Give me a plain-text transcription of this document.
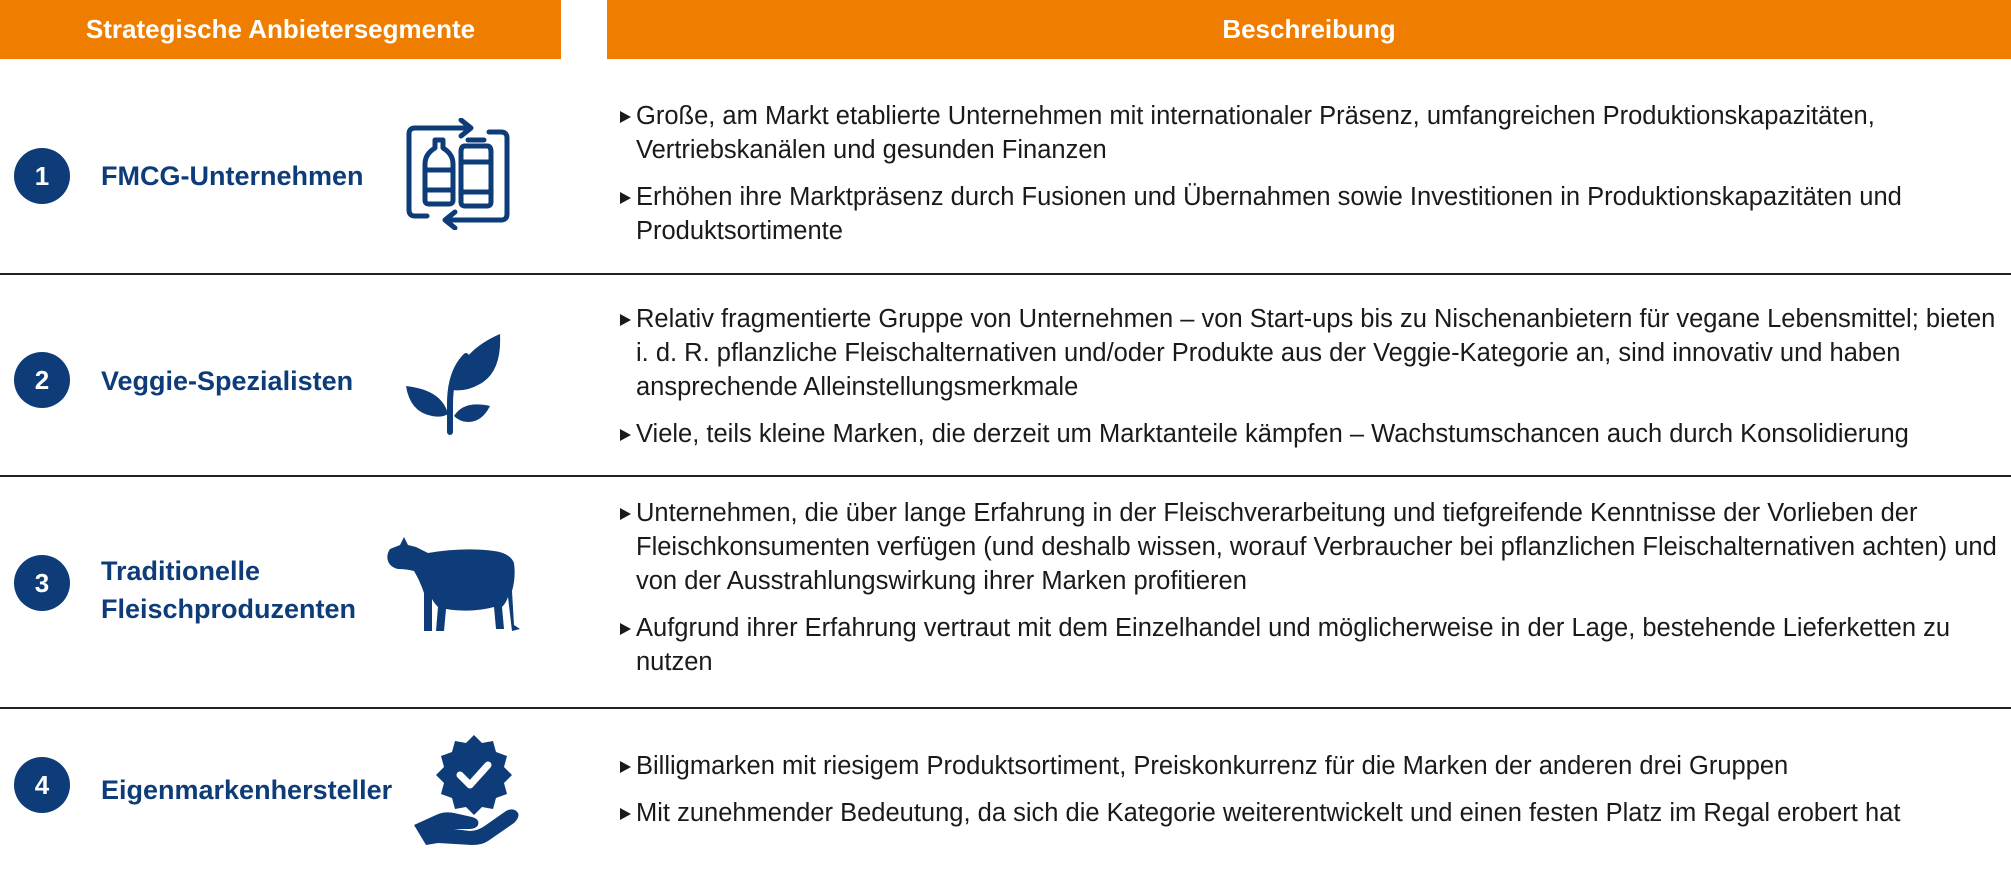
Strategische Anbietersegmente	Beschreibung
1	FMCG-Unternehmen
Große, am Markt etablierte Unternehmen mit internationaler Präsenz, umfangreichen Produktionskapazitäten, Vertriebskanälen und gesunden Finanzen
Erhöhen ihre Marktpräsenz durch Fusionen und Übernahmen sowie Investitionen in Produktionskapazitäten und Produktsortimente
2	Veggie-Spezialisten
Relativ fragmentierte Gruppe von Unternehmen – von Start-ups bis zu Nischenanbietern für vegane Lebensmittel; bieten i. d. R. pflanzliche Fleischalternativen und/oder Produkte aus der Veggie-Kategorie an, sind innovativ und haben ansprechende Alleinstellungsmerkmale
Viele, teils kleine Marken, die derzeit um Marktanteile kämpfen – Wachstumschancen auch durch Konsolidierung
3	Traditionelle
Fleischproduzenten
Unternehmen, die über lange Erfahrung in der Fleischverarbeitung und tiefgreifende Kenntnisse der Vorlieben der Fleischkonsumenten verfügen (und deshalb wissen, worauf Verbraucher bei pflanzlichen Fleischalternativen achten) und von der Ausstrahlungswirkung ihrer Marken profitieren
Aufgrund ihrer Erfahrung vertraut mit dem Einzelhandel und möglicherweise in der Lage, bestehende Lieferketten zu nutzen
4	Eigenmarkenhersteller
Billigmarken mit riesigem Produktsortiment, Preiskonkurrenz für die Marken der anderen drei Gruppen
Mit zunehmender Bedeutung, da sich die Kategorie weiterentwickelt und einen festen Platz im Regal erobert hat
